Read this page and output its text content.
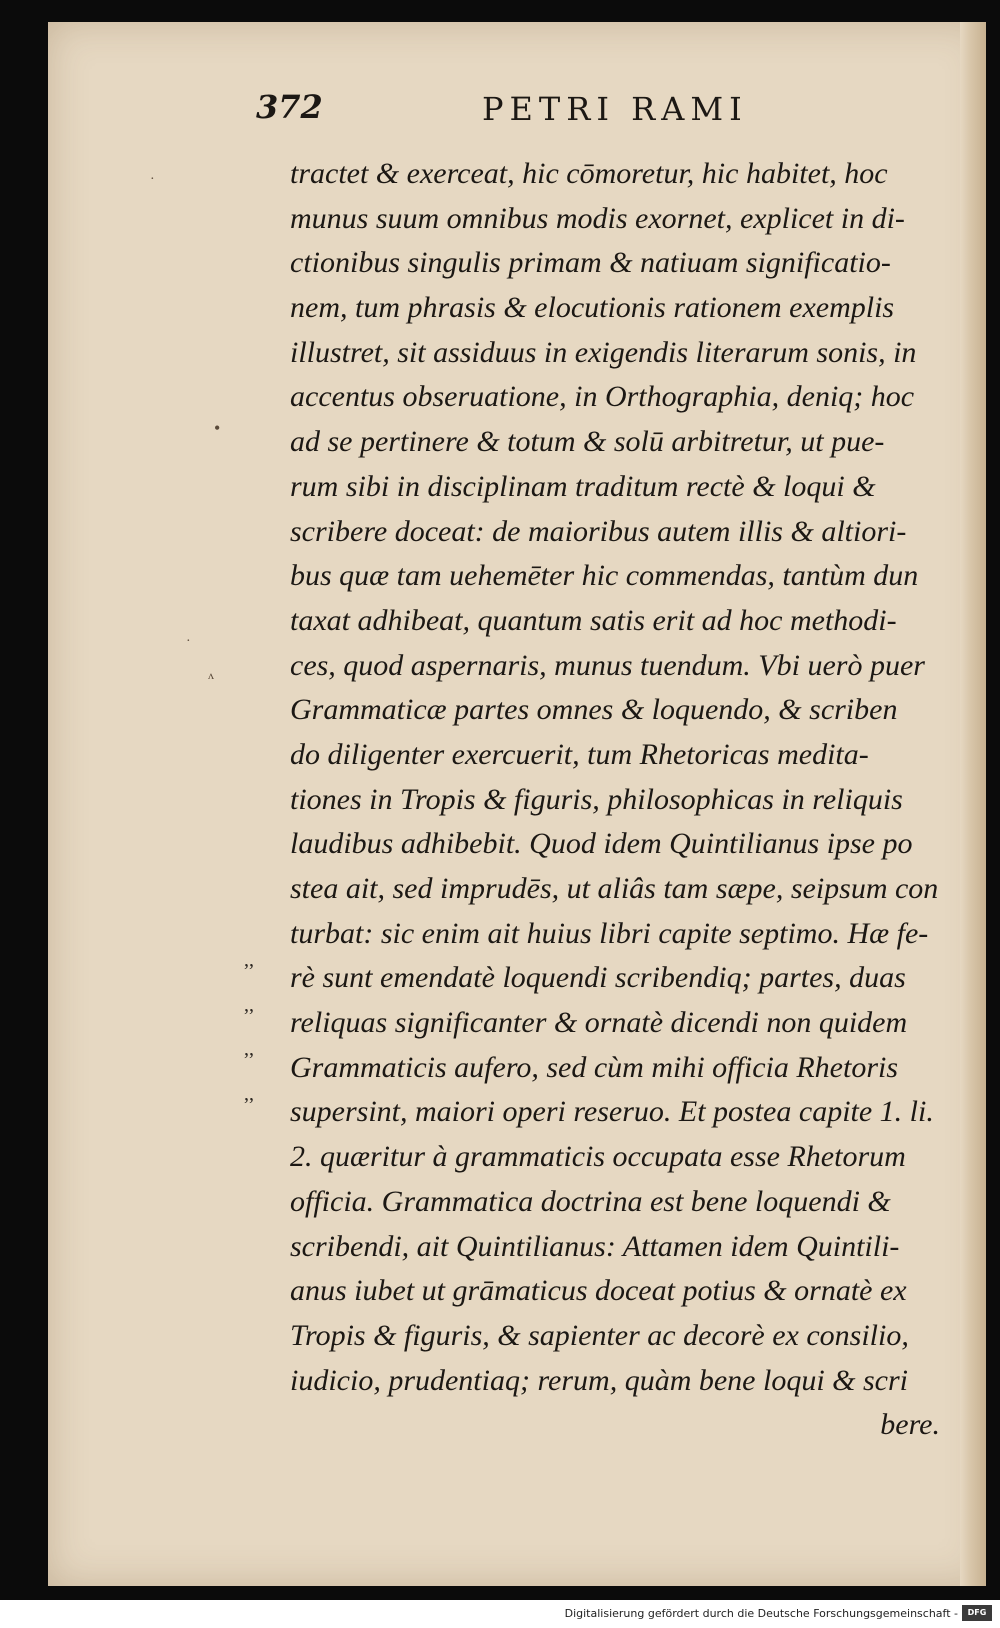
372	PETRI RAMI
tractet & exerceat, hic cōmoretur, hic habitet, hoc
munus suum omnibus modis exornet, explicet in di-
ctionibus singulis primam & natiuam significatio-
nem, tum phrasis & elocutionis rationem exemplis
illustret, sit assiduus in exigendis literarum sonis, in
accentus obseruatione, in Orthographia, deniq; hoc
ad se pertinere & totum & solū arbitretur, ut pue-
rum sibi in disciplinam traditum rectè & loqui &
scribere doceat: de maioribus autem illis & altiori-
bus quæ tam uehemēter hic commendas, tantùm dun
taxat adhibeat, quantum satis erit ad hoc methodi-
ces, quod aspernaris, munus tuendum. Vbi uerò puer
Grammaticæ partes omnes & loquendo, & scriben
do diligenter exercuerit, tum Rhetoricas medita-
tiones in Tropis & figuris, philosophicas in reliquis
laudibus adhibebit. Quod idem Quintilianus ipse po
stea ait, sed imprudēs, ut aliâs tam sæpe, seipsum con
turbat: sic enim ait huius libri capite septimo. Hæ fe-
rè sunt emendatè loquendi scribendiq; partes, duas
reliquas significanter & ornatè dicendi non quidem
Grammaticis aufero, sed cùm mihi officia Rhetoris
supersint, maiori operi reseruo. Et postea capite 1. li.
2. quæritur à grammaticis occupata esse Rhetorum
officia. Grammatica doctrina est bene loquendi &
scribendi, ait Quintilianus: Attamen idem Quintili-
anus iubet ut grāmaticus doceat potius & ornatè ex
Tropis & figuris, & sapienter ac decorè ex consilio,
iudicio, prudentiaq; rerum, quàm bene loqui & scri
bere.
,,
,,
,,
,,
•
·
ʌ
·
Digitalisierung gefördert durch die Deutsche Forschungsgemeinschaft -	DFG
